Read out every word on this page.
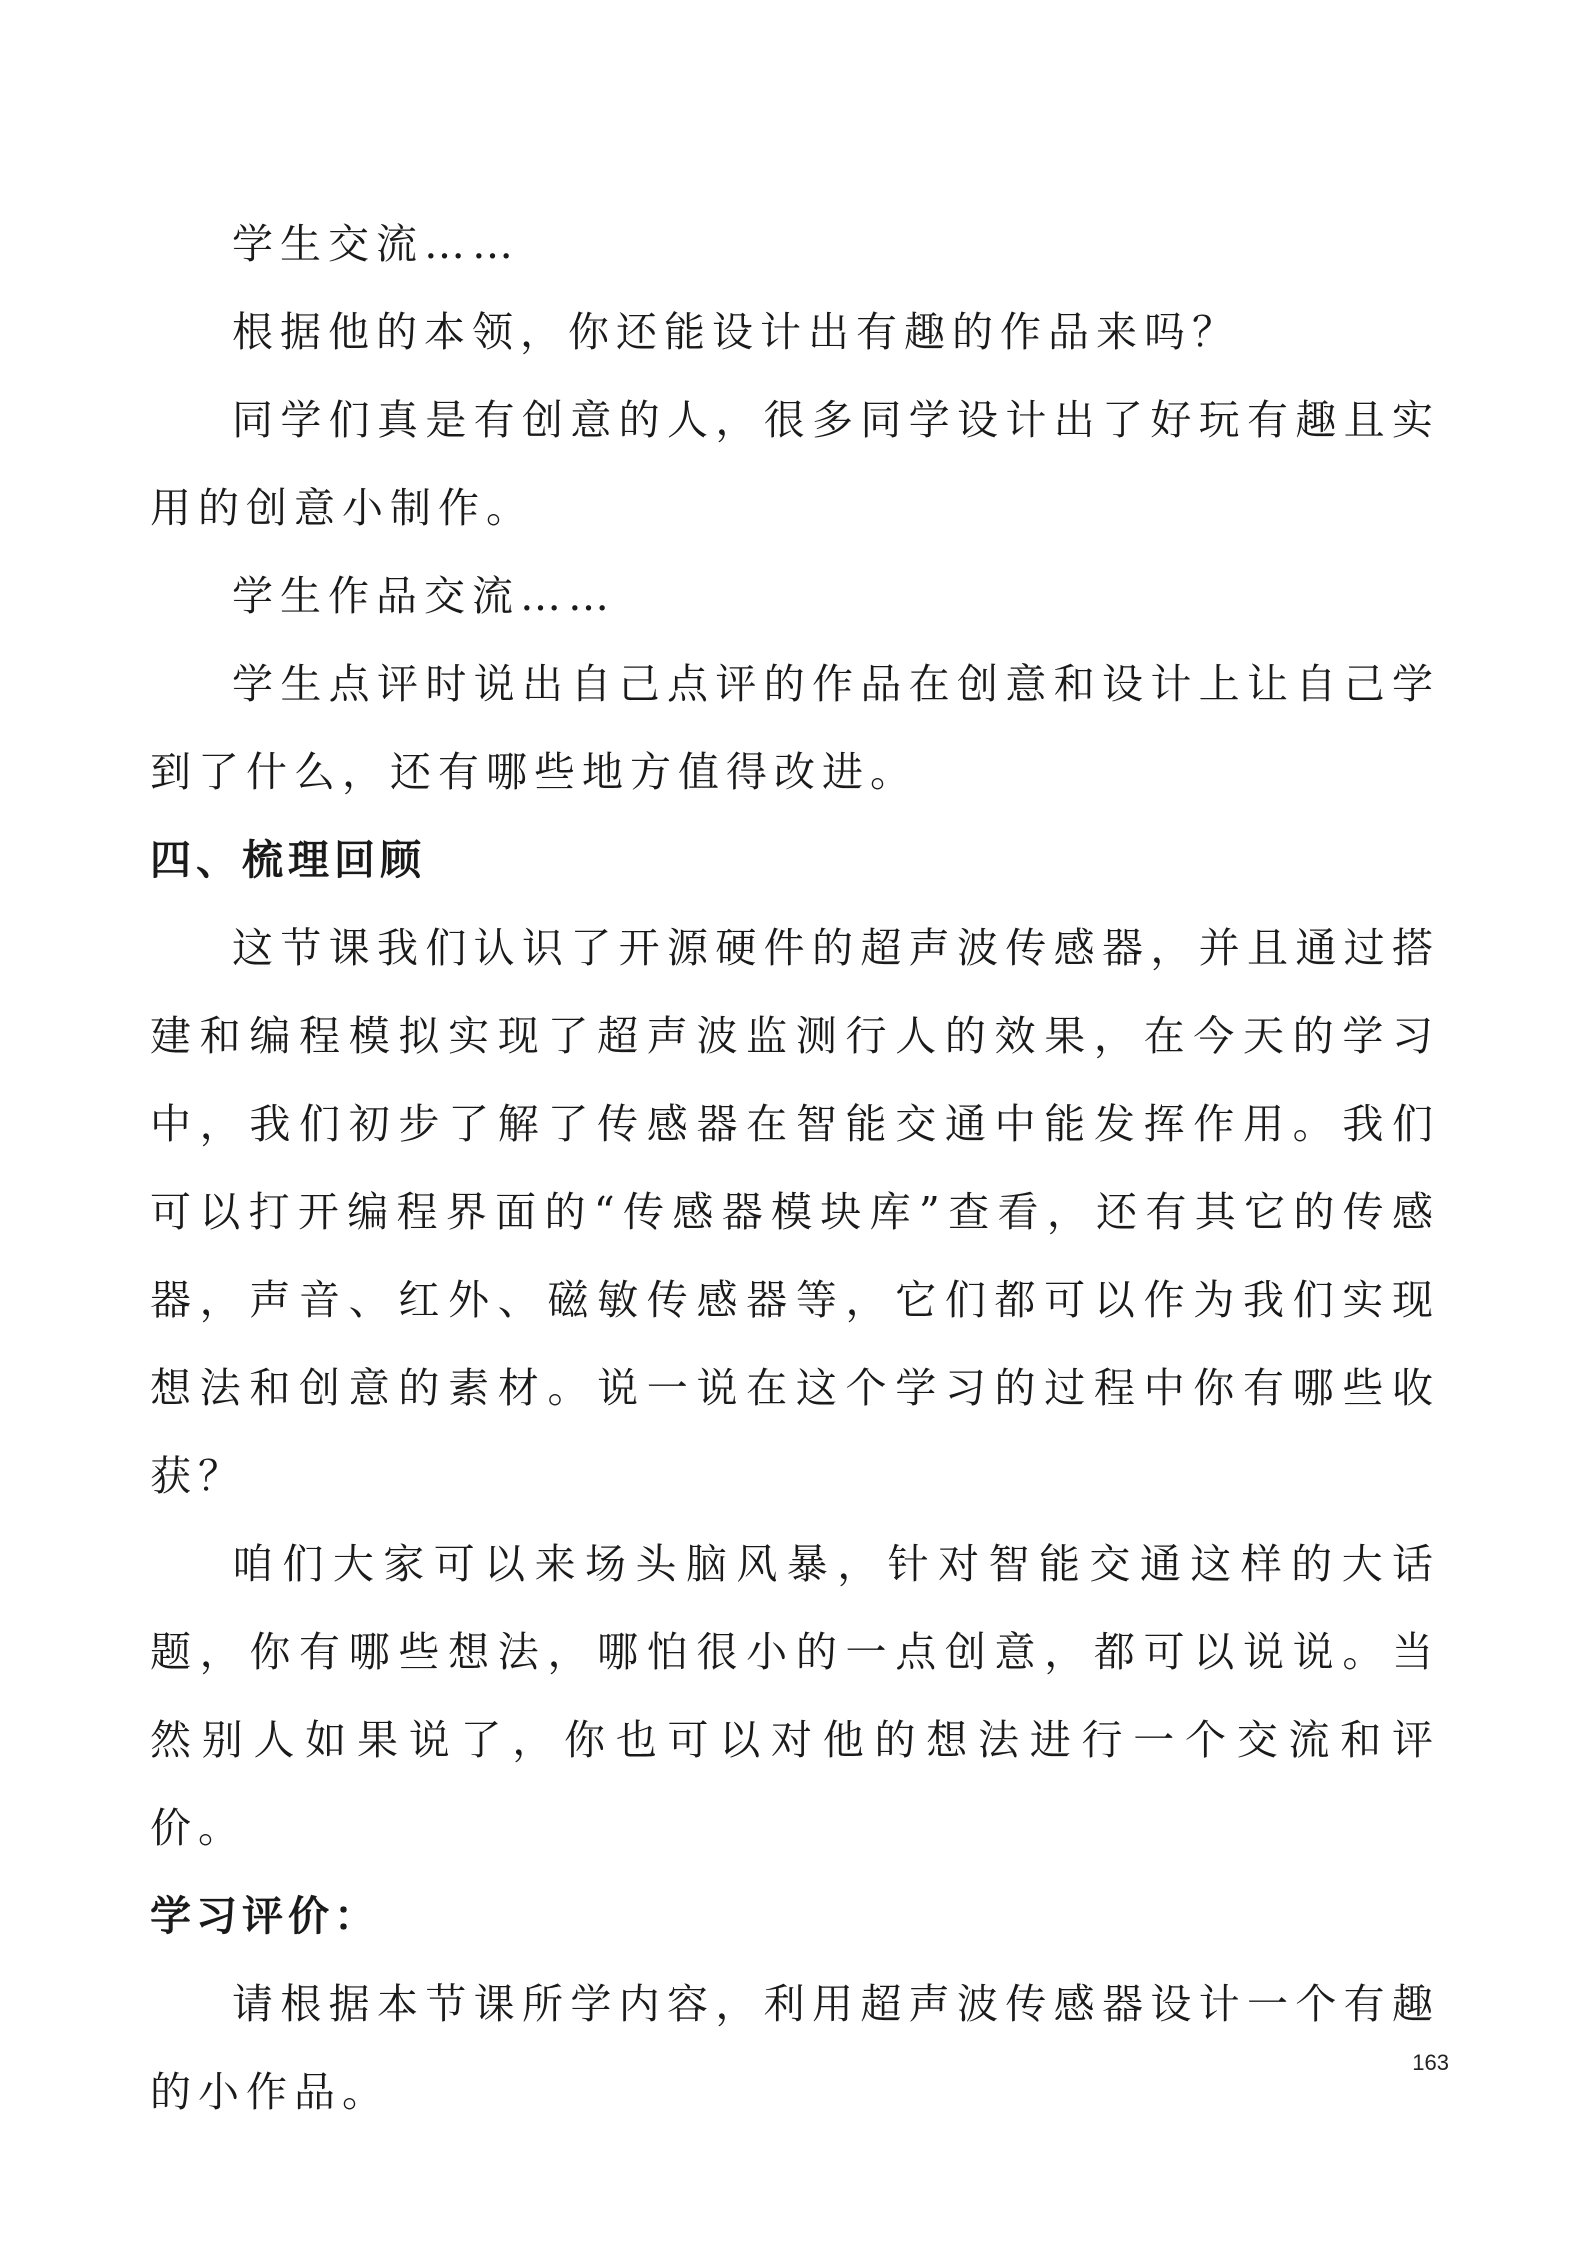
学生交流……

根据他的本领，你还能设计出有趣的作品来吗？

同学们真是有创意的人，很多同学设计出了好玩有趣且实用的创意小制作。

学生作品交流……

学生点评时说出自己点评的作品在创意和设计上让自己学到了什么，还有哪些地方值得改进。

四、梳理回顾

这节课我们认识了开源硬件的超声波传感器，并且通过搭建和编程模拟实现了超声波监测行人的效果，在今天的学习中，我们初步了解了传感器在智能交通中能发挥作用。我们可以打开编程界面的“传感器模块库”查看，还有其它的传感器，声音、红外、磁敏传感器等，它们都可以作为我们实现想法和创意的素材。说一说在这个学习的过程中你有哪些收获？

咱们大家可以来场头脑风暴，针对智能交通这样的大话题，你有哪些想法，哪怕很小的一点创意，都可以说说。当然别人如果说了，你也可以对他的想法进行一个交流和评价。

学习评价：

请根据本节课所学内容，利用超声波传感器设计一个有趣的小作品。

163
